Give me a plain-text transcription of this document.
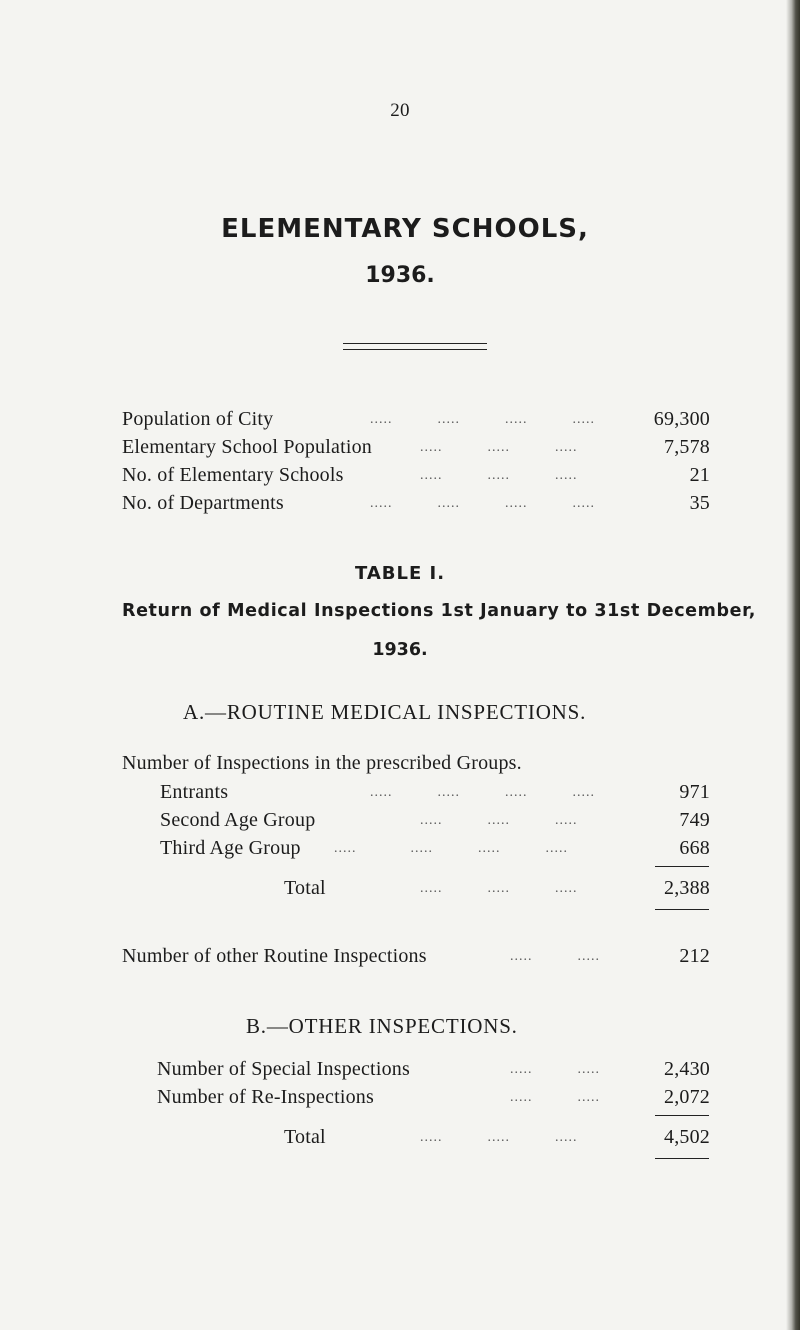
20
ELEMENTARY SCHOOLS,
1936.
Population of City	.....          .....          .....          .....	69,300
Elementary School Population	.....          .....          .....	7,578
No. of Elementary Schools	.....          .....          .....	21
No. of Departments	.....          .....          .....          .....	35
TABLE I.
Return of Medical Inspections 1st January to 31st December,
1936.
A.—ROUTINE MEDICAL INSPECTIONS.
Number of Inspections in the prescribed Groups.
Entrants	.....          .....          .....          .....	971
Second Age Group	.....          .....          .....	749
Third Age Group .....            .....          .....          .....	668
Total	.....          .....          .....	2,388
Number of other Routine Inspections	.....          .....	212
B.—OTHER INSPECTIONS.
Number of Special Inspections	.....          .....	2,430
Number of Re-Inspections	.....          .....	2,072
Total	.....          .....          .....	4,502
